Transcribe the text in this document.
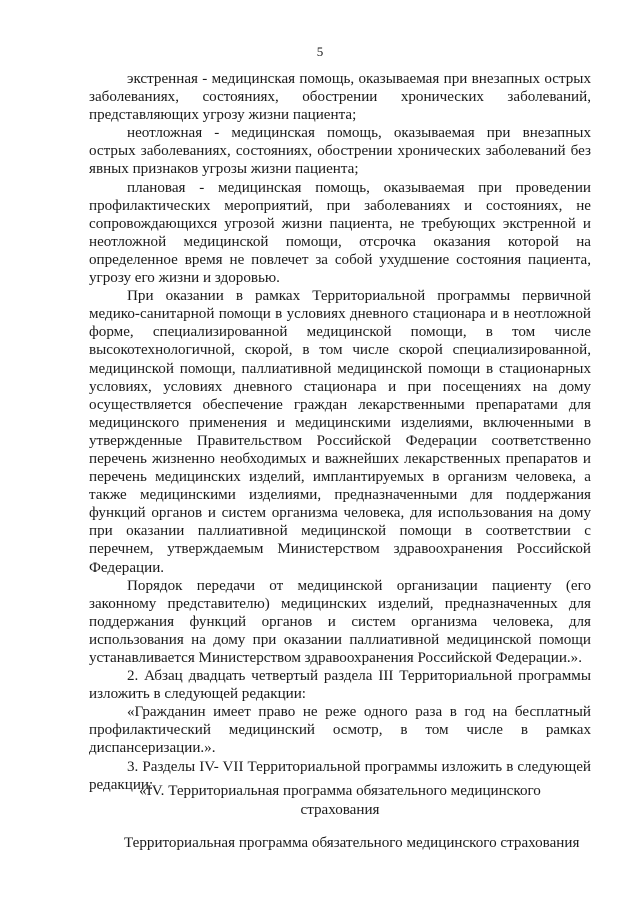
5

экстренная - медицинская помощь, оказываемая при внезапных острых заболеваниях, состояниях, обострении хронических заболеваний, представляющих угрозу жизни пациента;

неотложная - медицинская помощь, оказываемая при внезапных острых заболеваниях, состояниях, обострении хронических заболеваний без явных признаков угрозы жизни пациента;

плановая - медицинская помощь, оказываемая при проведении профилактических мероприятий, при заболеваниях и состояниях, не сопровождающихся угрозой жизни пациента, не требующих экстренной и неотложной медицинской помощи, отсрочка оказания которой на определенное время не повлечет за собой ухудшение состояния пациента, угрозу его жизни и здоровью.

При оказании в рамках Территориальной программы первичной медико-санитарной помощи в условиях дневного стационара и в неотложной форме, специализированной медицинской помощи, в том числе высокотехнологичной, скорой, в том числе скорой специализированной, медицинской помощи, паллиативной медицинской помощи в стационарных условиях, условиях дневного стационара и при посещениях на дому осуществляется обеспечение граждан лекарственными препаратами для медицинского применения и медицинскими изделиями, включенными в утвержденные Правительством Российской Федерации соответственно перечень жизненно необходимых и важнейших лекарственных препаратов и перечень медицинских изделий, имплантируемых в организм человека, а также медицинскими изделиями, предназначенными для поддержания функций органов и систем организма человека, для использования на дому при оказании паллиативной медицинской помощи в соответствии с перечнем, утверждаемым Министерством здравоохранения Российской Федерации.

Порядок передачи от медицинской организации пациенту (его законному представителю) медицинских изделий, предназначенных для поддержания функций органов и систем организма человека, для использования на дому при оказании паллиативной медицинской помощи устанавливается Министерством здравоохранения Российской Федерации.».

2. Абзац двадцать четвертый раздела III Территориальной программы изложить в следующей редакции:

«Гражданин имеет право не реже одного раза в год на бесплатный профилактический медицинский осмотр, в том числе в рамках диспансеризации.».

3. Разделы IV- VII Территориальной программы изложить в следующей редакции:

«IV. Территориальная программа обязательного медицинского страхования
Территориальная программа обязательного медицинского страхования
